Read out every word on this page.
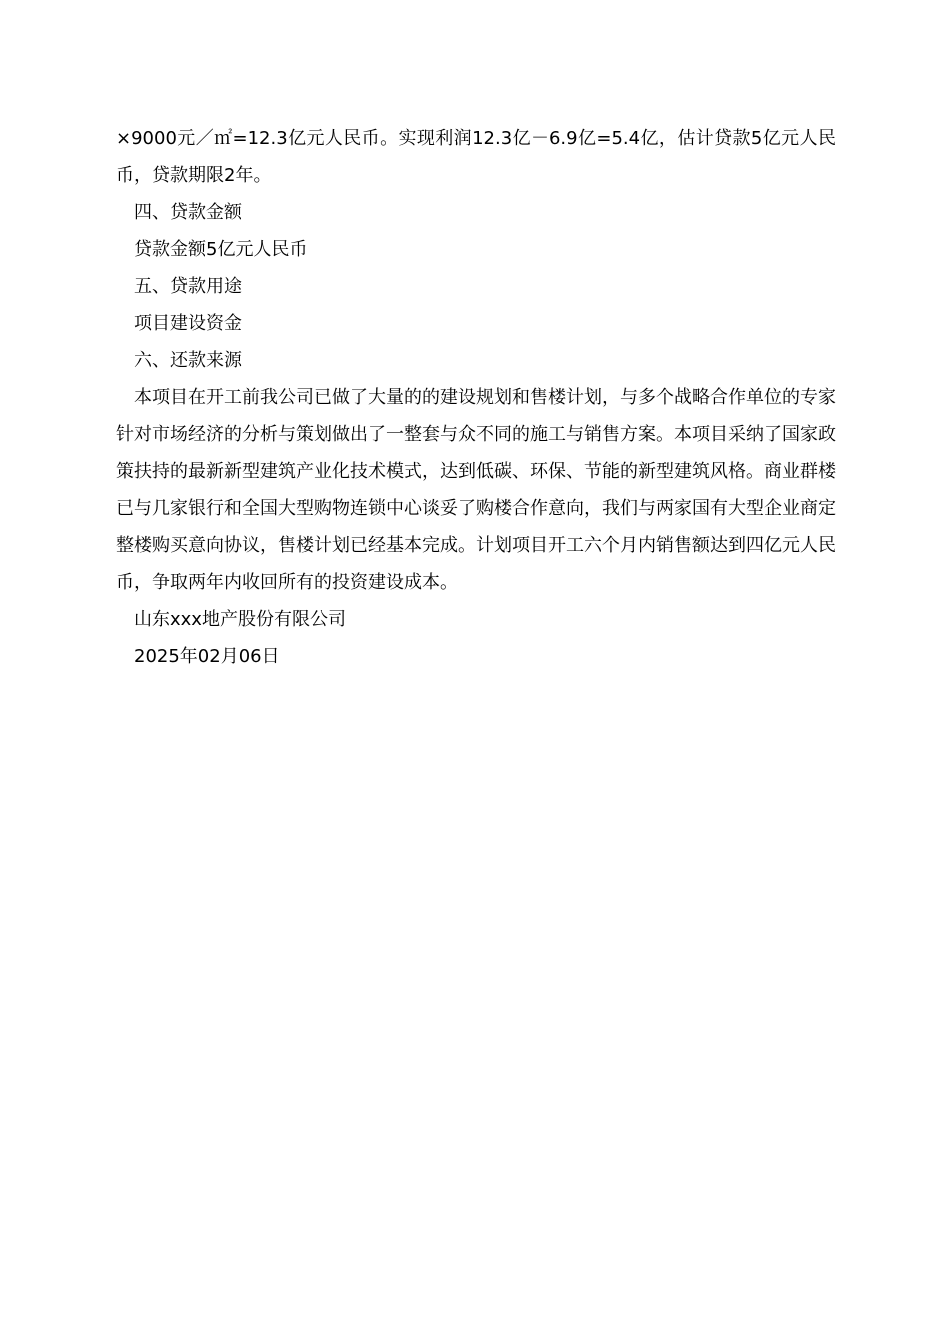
×9000元／㎡=12.3亿元人民币。实现利润12.3亿－6.9亿=5.4亿，估计贷款5亿元人民币，贷款期限2年。

四、贷款金额

贷款金额5亿元人民币

五、贷款用途

项目建设资金

六、还款来源

本项目在开工前我公司已做了大量的的建设规划和售楼计划，与多个战略合作单位的专家针对市场经济的分析与策划做出了一整套与众不同的施工与销售方案。本项目采纳了国家政策扶持的最新新型建筑产业化技术模式，达到低碳、环保、节能的新型建筑风格。商业群楼已与几家银行和全国大型购物连锁中心谈妥了购楼合作意向，我们与两家国有大型企业商定整楼购买意向协议，售楼计划已经基本完成。计划项目开工六个月内销售额达到四亿元人民币，争取两年内收回所有的投资建设成本。

山东xxx地产股份有限公司

2025年02月06日
